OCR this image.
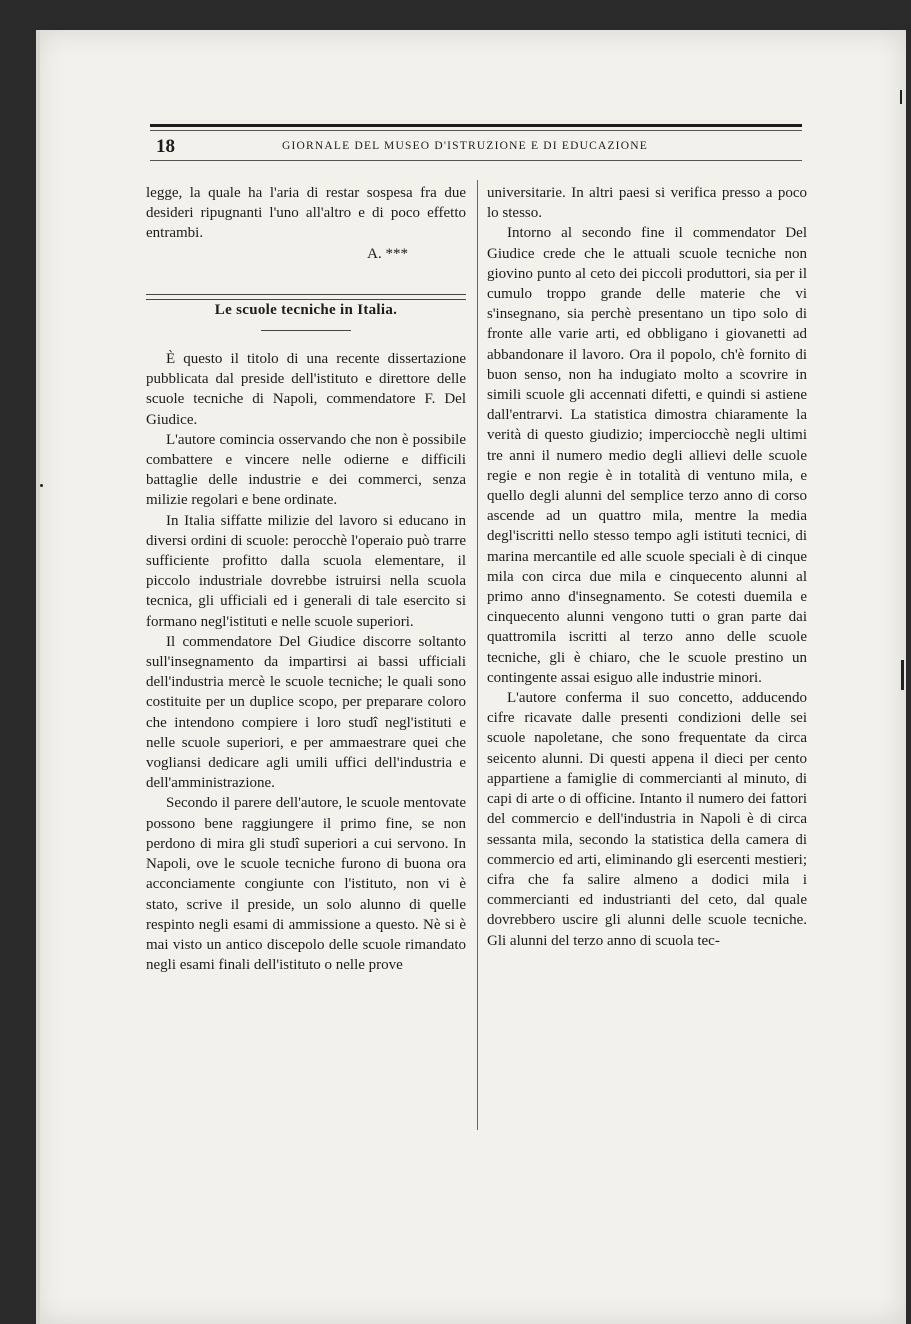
18	GIORNALE DEL MUSEO D'ISTRUZIONE E DI EDUCAZIONE

legge, la quale ha l'aria di restar sospesa fra due desideri ripugnanti l'uno all'altro e di poco effetto entrambi.

A. ***

Le scuole tecniche in Italia.

È questo il titolo di una recente dissertazione pubblicata dal preside dell'istituto e direttore delle scuole tecniche di Napoli, commendatore F. Del Giudice.

L'autore comincia osservando che non è possibile combattere e vincere nelle odierne e difficili battaglie delle industrie e dei commerci, senza milizie regolari e bene ordinate.

In Italia siffatte milizie del lavoro si educano in diversi ordini di scuole: perocchè l'operaio può trarre sufficiente profitto dalla scuola elementare, il piccolo industriale dovrebbe istruirsi nella scuola tecnica, gli ufficiali ed i generali di tale esercito si formano negl'istituti e nelle scuole superiori.

Il commendatore Del Giudice discorre soltanto sull'insegnamento da impartirsi ai bassi ufficiali dell'industria mercè le scuole tecniche; le quali sono costituite per un duplice scopo, per preparare coloro che intendono compiere i loro studî negl'istituti e nelle scuole superiori, e per ammaestrare quei che vogliansi dedicare agli umili uffici dell'industria e dell'amministrazione.

Secondo il parere dell'autore, le scuole mentovate possono bene raggiungere il primo fine, se non perdono di mira gli studî superiori a cui servono. In Napoli, ove le scuole tecniche furono di buona ora acconciamente congiunte con l'istituto, non vi è stato, scrive il preside, un solo alunno di quelle respinto negli esami di ammissione a questo. Nè si è mai visto un antico discepolo delle scuole rimandato negli esami finali dell'istituto o nelle prove

universitarie. In altri paesi si verifica presso a poco lo stesso.

Intorno al secondo fine il commendator Del Giudice crede che le attuali scuole tecniche non giovino punto al ceto dei piccoli produttori, sia per il cumulo troppo grande delle materie che vi s'insegnano, sia perchè presentano un tipo solo di fronte alle varie arti, ed obbligano i giovanetti ad abbandonare il lavoro. Ora il popolo, ch'è fornito di buon senso, non ha indugiato molto a scovrire in simili scuole gli accennati difetti, e quindi si astiene dall'entrarvi. La statistica dimostra chiaramente la verità di questo giudizio; imperciocchè negli ultimi tre anni il numero medio degli allievi delle scuole regie e non regie è in totalità di ventuno mila, e quello degli alunni del semplice terzo anno di corso ascende ad un quattro mila, mentre la media degl'iscritti nello stesso tempo agli istituti tecnici, di marina mercantile ed alle scuole speciali è di cinque mila con circa due mila e cinquecento alunni al primo anno d'insegnamento. Se cotesti duemila e cinquecento alunni vengono tutti o gran parte dai quattromila iscritti al terzo anno delle scuole tecniche, gli è chiaro, che le scuole prestino un contingente assai esiguo alle industrie minori.

L'autore conferma il suo concetto, adducendo cifre ricavate dalle presenti condizioni delle sei scuole napoletane, che sono frequentate da circa seicento alunni. Di questi appena il dieci per cento appartiene a famiglie di commercianti al minuto, di capi di arte o di officine. Intanto il numero dei fattori del commercio e dell'industria in Napoli è di circa sessanta mila, secondo la statistica della camera di commercio ed arti, eliminando gli esercenti mestieri; cifra che fa salire almeno a dodici mila i commercianti ed industrianti del ceto, dal quale dovrebbero uscire gli alunni delle scuole tecniche. Gli alunni del terzo anno di scuola tec-
